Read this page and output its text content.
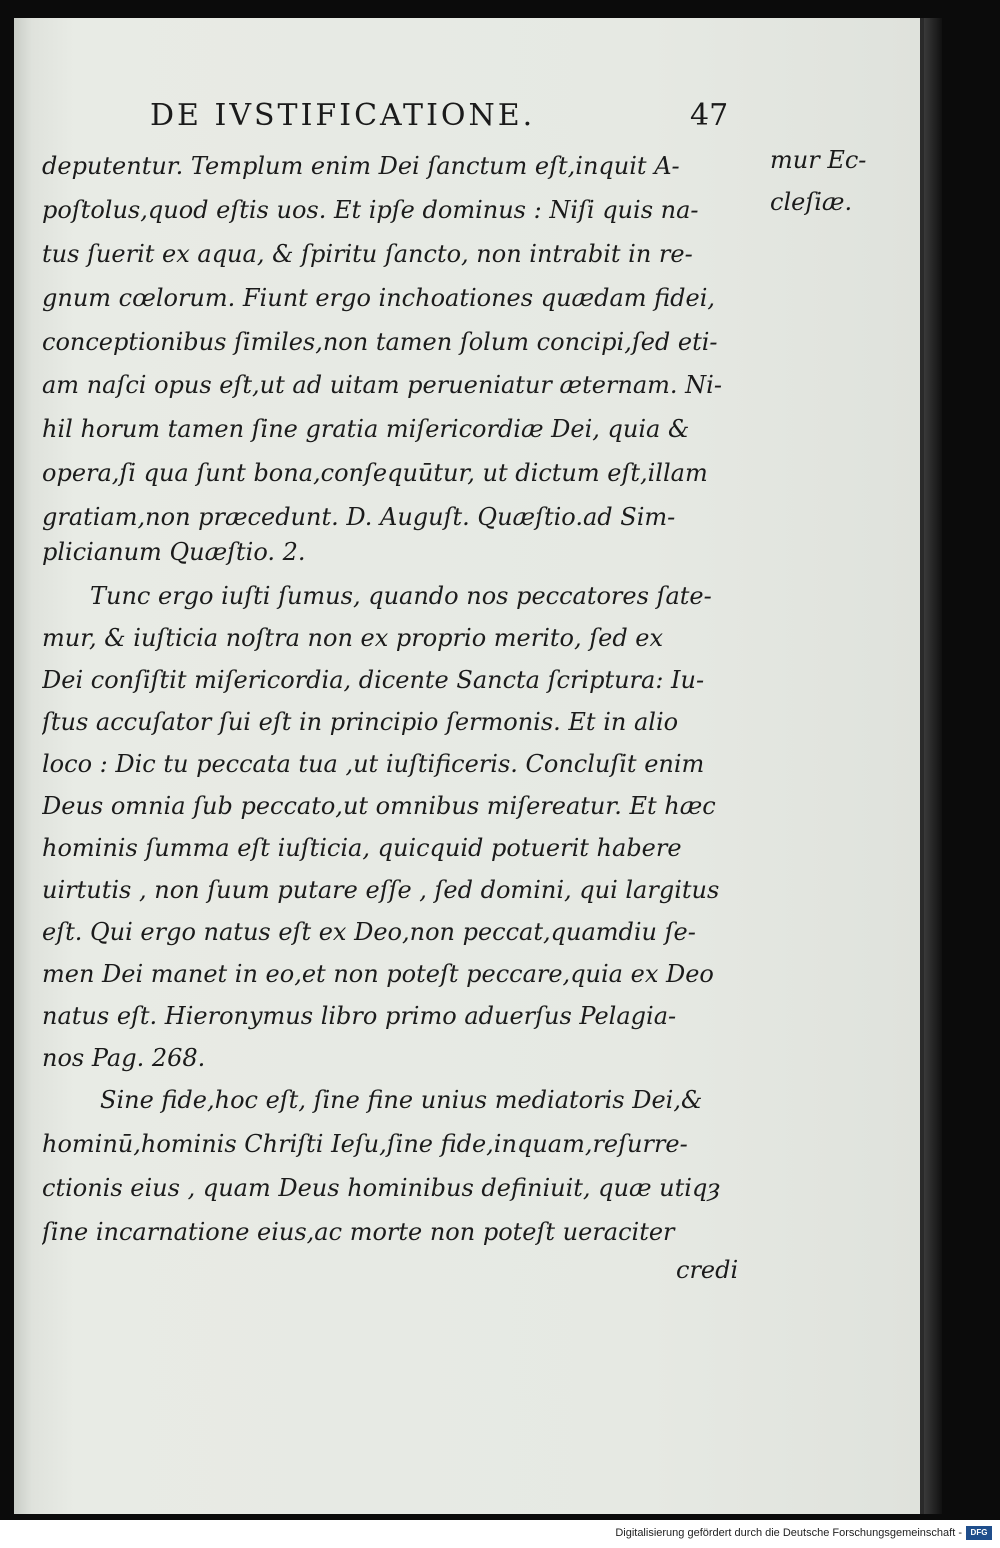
DE IVSTIFICATIONE.	47
deputentur. Templum enim Dei ſanctum eſt,inquit A-
poſtolus,quod eſtis uos. Et ipſe dominus : Niſi quis na-
tus ſuerit ex aqua, & ſpiritu ſancto, non intrabit in re-
gnum cœlorum. Fiunt ergo inchoationes quædam fidei,
conceptionibus ſimiles,non tamen ſolum concipi,ſed eti-
am naſci opus eſt,ut ad uitam perueniatur æternam. Ni-
hil horum tamen ſine gratia miſericordiæ Dei, quia &
opera,ſi qua ſunt bona,conſequūtur, ut dictum eſt,illam
gratiam,non præcedunt. D. Auguſt. Quæſtio.ad Sim-
plicianum Quæſtio. 2.
Tunc ergo iuſti ſumus, quando nos peccatores ſate-
mur, & iuſticia noſtra non ex proprio merito, ſed ex
Dei conſiſtit miſericordia, dicente Sancta ſcriptura: Iu-
ſtus accuſator ſui eſt in principio ſermonis. Et in alio
loco : Dic tu peccata tua ,ut iuſtificeris. Concluſit enim
Deus omnia ſub peccato,ut omnibus miſereatur. Et hæc
hominis ſumma eſt iuſticia, quicquid potuerit habere
uirtutis , non ſuum putare eſſe , ſed domini, qui largitus
eſt. Qui ergo natus eſt ex Deo,non peccat,quamdiu ſe-
men Dei manet in eo,et non poteſt peccare,quia ex Deo
natus eſt. Hieronymus libro primo aduerſus Pelagia-
nos Pag. 268.
Sine fide,hoc eſt, ſine fine unius mediatoris Dei,&
hominū,hominis Chriſti Ieſu,ſine fide,inquam,reſurre-
ctionis eius , quam Deus hominibus definiuit, quæ utiqȝ
ſine incarnatione eius,ac morte non poteſt ueraciter
mur Ec-
cleſiæ.
credi
Digitalisierung gefördert durch die Deutsche Forschungsgemeinschaft -	DFG
